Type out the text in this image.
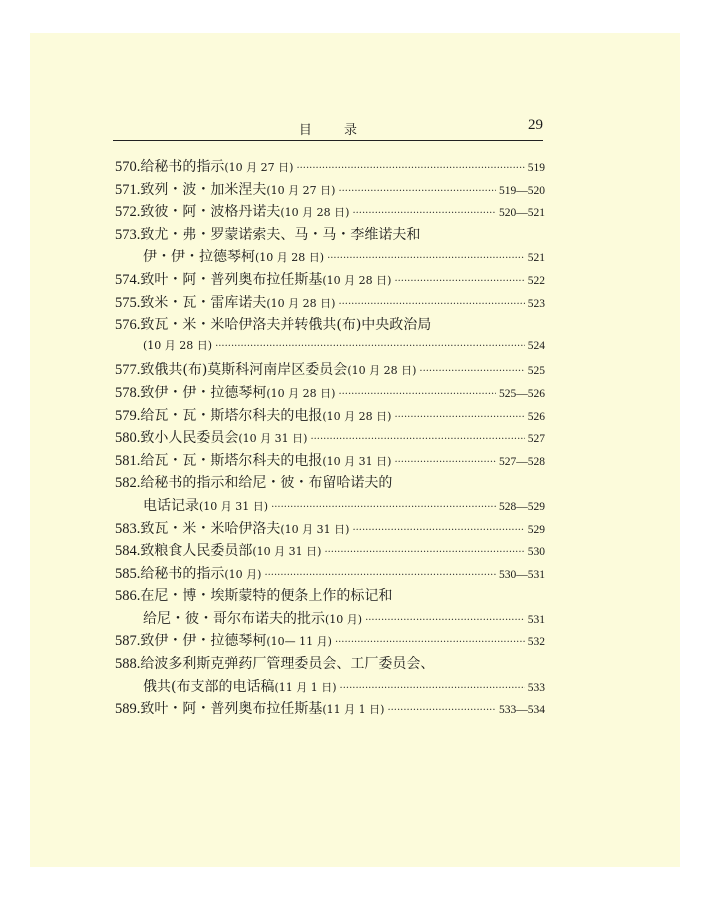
目 录	29
570. 给秘书的指示 (10 月 27 日) ·····	519
571. 致列・波・加米涅夫 (10 月 27 日) ·····	519—520
572. 致彼・阿・波格丹诺夫 (10 月 28 日) ·····	520—521
573. 致尤・弗・罗蒙诺索夫、马・马・李维诺夫和
伊・伊・拉德琴柯 (10 月 28 日) ·····	521
574. 致叶・阿・普列奥布拉任斯基 (10 月 28 日) ·····	522
575. 致米・瓦・雷库诺夫 (10 月 28 日) ·····	523
576. 致瓦・米・米哈伊洛夫并转俄共(布)中央政治局
(10 月 28 日) ·····	524
577. 致俄共(布)莫斯科河南岸区委员会 (10 月 28 日) ·····	525
578. 致伊・伊・拉德琴柯 (10 月 28 日) ·····	525—526
579. 给瓦・瓦・斯塔尔科夫的电报 (10 月 28 日) ·····	526
580. 致小人民委员会 (10 月 31 日) ·····	527
581. 给瓦・瓦・斯塔尔科夫的电报 (10 月 31 日) ·····	527—528
582. 给秘书的指示和给尼・彼・布留哈诺夫的
电话记录 (10 月 31 日) ·····	528—529
583. 致瓦・米・米哈伊洛夫 (10 月 31 日) ·····	529
584. 致粮食人民委员部 (10 月 31 日) ·····	530
585. 给秘书的指示 (10 月) ·····	530—531
586. 在尼・博・埃斯蒙特的便条上作的标记和
给尼・彼・哥尔布诺夫的批示 (10 月) ·····	531
587. 致伊・伊・拉德琴柯 (10— 11 月) ·····	532
588. 给波多利斯克弹药厂管理委员会、工厂委员会、
俄共(布支部的电话稿 (11 月 1 日) ·····	533
589. 致叶・阿・普列奥布拉任斯基 (11 月 1 日) ·····	533—534
